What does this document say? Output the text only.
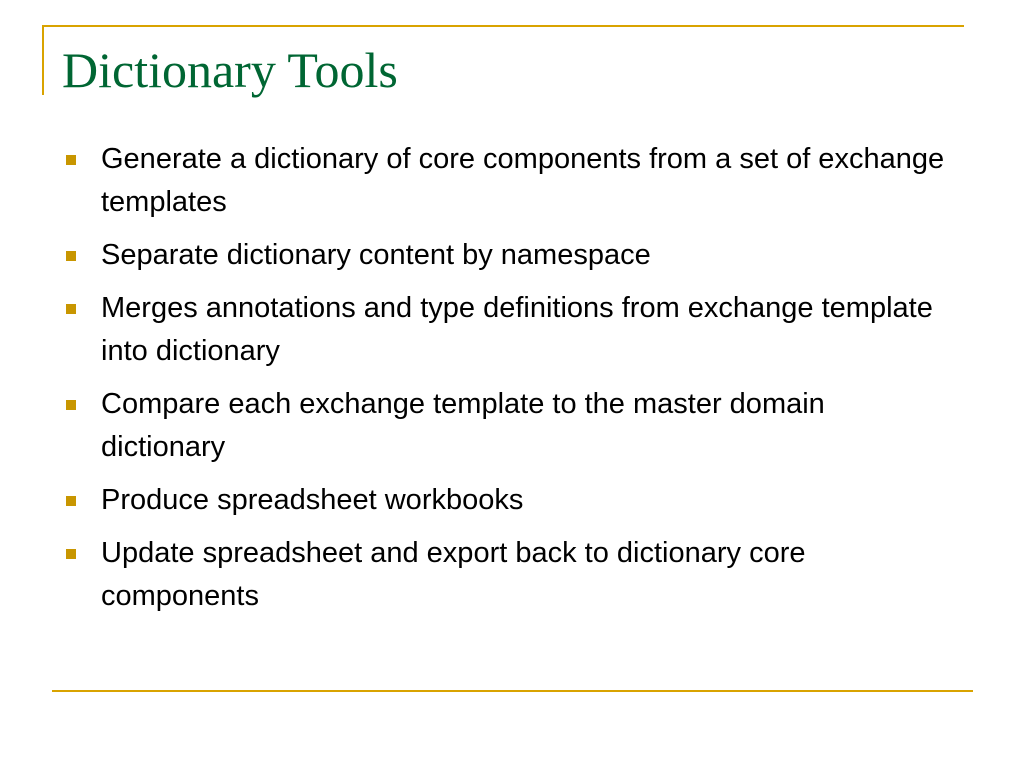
Dictionary Tools
Generate a dictionary of core components from a set of exchange templates
Separate dictionary content by namespace
Merges annotations and type definitions from exchange template into dictionary
Compare each exchange template to the master domain dictionary
Produce spreadsheet workbooks
Update spreadsheet and export back to dictionary core components
